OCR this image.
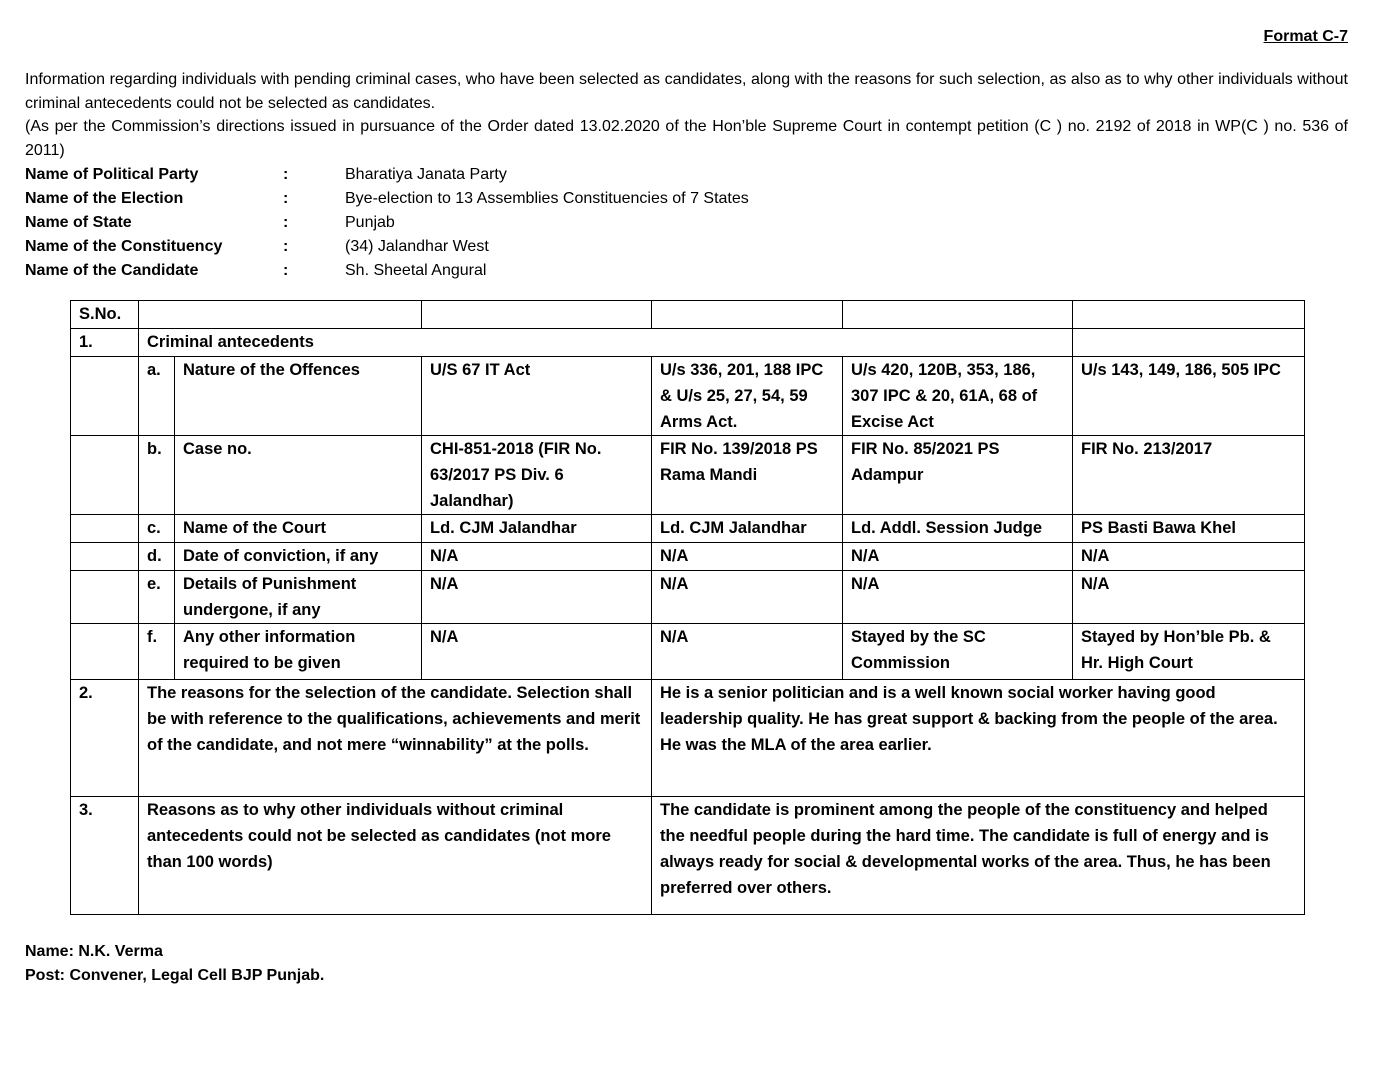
Format C-7

Information regarding individuals with pending criminal cases, who have been selected as candidates, along with the reasons for such selection, as also as to why other individuals without criminal antecedents could not be selected as candidates.

(As per the Commission’s directions issued in pursuance of the Order dated 13.02.2020 of the Hon’ble Supreme Court in contempt petition (C ) no. 2192 of 2018 in WP(C ) no. 536 of 2011)

Name of Political Party	:	Bharatiya Janata Party
Name of the Election	:	Bye-election to 13 Assemblies Constituencies of 7 States
Name of State	:	Punjab
Name of the Constituency	:	(34) Jalandhar West
Name of the Candidate	:	Sh. Sheetal Angural
S.No.						
1.	Criminal antecedents					
	a.	Nature of the Offences	U/S 67 IT Act	U/s 336, 201, 188 IPC & U/s 25, 27, 54, 59 Arms Act.	U/s 420, 120B, 353, 186, 307 IPC & 20, 61A, 68 of Excise Act	U/s 143, 149, 186, 505 IPC
	b.	Case no.	CHI-851-2018 (FIR No. 63/2017 PS Div. 6 Jalandhar)	FIR No. 139/2018 PS Rama Mandi	FIR No. 85/2021 PS Adampur	FIR No. 213/2017
	c.	Name of the Court	Ld. CJM Jalandhar	Ld. CJM Jalandhar	Ld. Addl. Session Judge	PS Basti Bawa Khel
	d.	Date of conviction, if any	N/A	N/A	N/A	N/A
	e.	Details of Punishment undergone, if any	N/A	N/A	N/A	N/A
	f.	Any other information required to be given	N/A	N/A	Stayed by the SC Commission	Stayed by Hon’ble Pb. & Hr. High Court
2.	The reasons for the selection of the candidate. Selection shall be with reference to the qualifications, achievements and merit of the candidate, and not mere “winnability” at the polls.			He is a senior politician and is a well known social worker having good leadership quality. He has great support & backing from the people of the area. He was the MLA of the area earlier.		
3.	Reasons as to why other individuals without criminal antecedents could not be selected as candidates (not more than 100 words)			The candidate is prominent among the people of the constituency and helped the needful people during the hard time. The candidate is full of energy and is always ready for social & developmental works of the area. Thus, he has been preferred over others.		
Name: N.K. Verma
Post: Convener, Legal Cell BJP Punjab.
